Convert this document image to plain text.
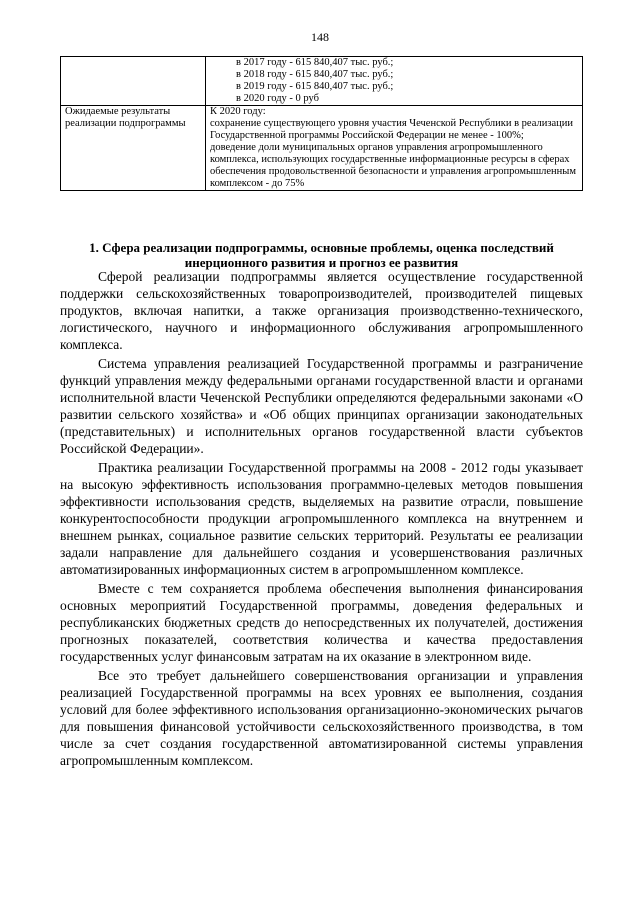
148

	в 2017 году - 615 840,407 тыс. руб.;
в 2018 году - 615 840,407 тыс. руб.;
в 2019 году - 615 840,407 тыс. руб.;
в 2020 году - 0 руб

Ожидаемые результаты реализации подпрограммы	К 2020 году:
сохранение существующего уровня участия Чеченской Республики в реализации Государственной программы Российской Федерации не менее - 100%;
доведение доли муниципальных органов управления агропромышленного комплекса, использующих государственные информационные ресурсы в сферах обеспечения продовольственной безопасности и управления агропромышленным комплексом - до 75%
1. Сфера реализации подпрограммы, основные проблемы, оценка последствий инерционного развития и прогноз ее развития

Сферой реализации подпрограммы является осуществление государственной поддержки сельскохозяйственных товаропроизводителей, производителей пищевых продуктов, включая напитки, а также организация производственно-технического, логистического, научного и информационного обслуживания агропромышленного комплекса.

Система управления реализацией Государственной программы и разграничение функций управления между федеральными органами государственной власти и органами исполнительной власти Чеченской Республики определяются федеральными законами «О развитии сельского хозяйства» и «Об общих принципах организации законодательных (представительных) и исполнительных органов государственной власти субъектов Российской Федерации».

Практика реализации Государственной программы на 2008 - 2012 годы указывает на высокую эффективность использования программно-целевых методов повышения эффективности использования средств, выделяемых на развитие отрасли, повышение конкурентоспособности продукции агропромышленного комплекса на внутреннем и внешнем рынках, социальное развитие сельских территорий. Результаты ее реализации задали направление для дальнейшего создания и усовершенствования различных автоматизированных информационных систем в агропромышленном комплексе.

Вместе с тем сохраняется проблема обеспечения выполнения финансирования основных мероприятий Государственной программы, доведения федеральных и республиканских бюджетных средств до непосредственных их получателей, достижения прогнозных показателей, соответствия количества и качества предоставления государственных услуг финансовым затратам на их оказание в электронном виде.

Все это требует дальнейшего совершенствования организации и управления реализацией Государственной программы на всех уровнях ее выполнения, создания условий для более эффективного использования организационно-экономических рычагов для повышения финансовой устойчивости сельскохозяйственного производства, в том числе за счет создания государственной автоматизированной системы управления агропромышленным комплексом.
